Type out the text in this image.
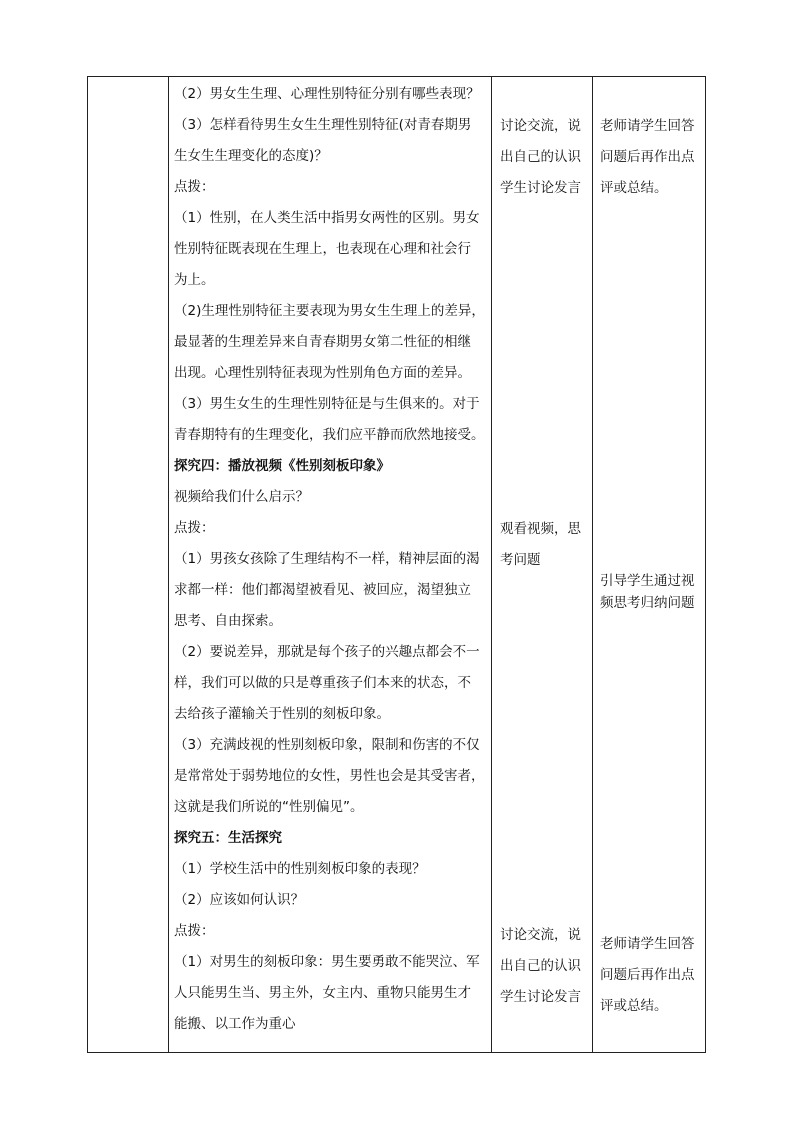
（2）男女生生理、心理性别特征分别有哪些表现？

（3）怎样看待男生女生生理性别特征(对青春期男

生女生生理变化的态度)？

点拨：

（1）性别，在人类生活中指男女两性的区别。男女

性别特征既表现在生理上，也表现在心理和社会行

为上。

（2)生理性别特征主要表现为男女生生理上的差异，

最显著的生理差异来自青春期男女第二性征的相继

出现。心理性别特征表现为性别角色方面的差异。

（3）男生女生的生理性别特征是与生俱来的。对于

青春期特有的生理变化，我们应平静而欣然地接受。

探究四：播放视频《性别刻板印象》

视频给我们什么启示？

点拨：

（1）男孩女孩除了生理结构不一样，精神层面的渴

求都一样：他们都渴望被看见、被回应，渴望独立

思考、自由探索。

（2）要说差异，那就是每个孩子的兴趣点都会不一

样，我们可以做的只是尊重孩子们本来的状态，不

去给孩子灌输关于性别的刻板印象。

（3）充满歧视的性别刻板印象，限制和伤害的不仅

是常常处于弱势地位的女性，男性也会是其受害者，

这就是我们所说的“性别偏见”。

探究五：生活探究

（1）学校生活中的性别刻板印象的表现？

（2）应该如何认识？

点拨：

（1）对男生的刻板印象：男生要勇敢不能哭泣、军

人只能男生当、男主外，女主内、重物只能男生才

能搬、以工作为重心

讨论交流，说

出自己的认识

学生讨论发言

观看视频，思

考问题

讨论交流，说

出自己的认识

学生讨论发言

老师请学生回答

问题后再作出点

评或总结。

引导学生通过视

频思考归纳问题

老师请学生回答

问题后再作出点

评或总结。
